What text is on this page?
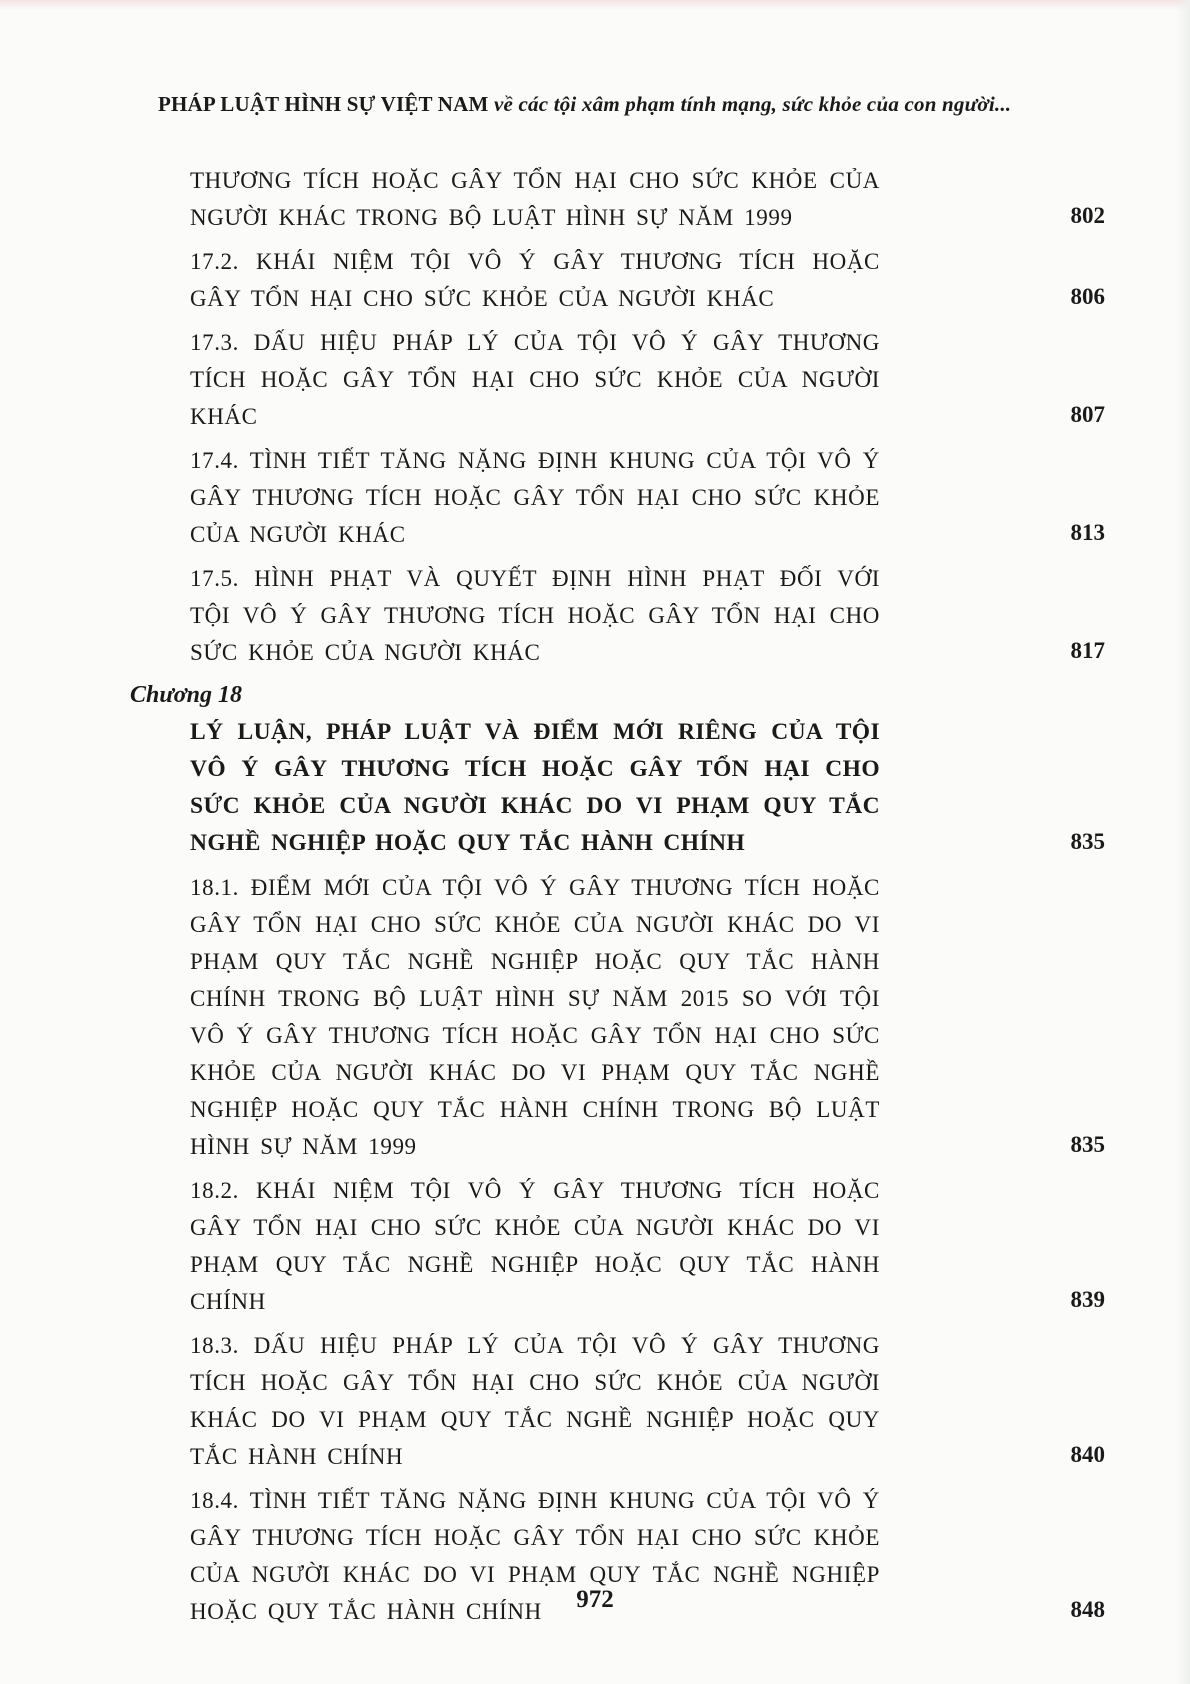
PHÁP LUẬT HÌNH SỰ VIỆT NAM về các tội xâm phạm tính mạng, sức khỏe của con người...
THƯƠNG TÍCH HOẶC GÂY TỔN HẠI CHO SỨC KHỎE CỦA NGƯỜI KHÁC TRONG BỘ LUẬT HÌNH SỰ NĂM 1999	802
17.2. KHÁI NIỆM TỘI VÔ Ý GÂY THƯƠNG TÍCH HOẶC GÂY TỔN HẠI CHO SỨC KHỎE CỦA NGƯỜI KHÁC	806
17.3. DẤU HIỆU PHÁP LÝ CỦA TỘI VÔ Ý GÂY THƯƠNG TÍCH HOẶC GÂY TỔN HẠI CHO SỨC KHỎE CỦA NGƯỜI KHÁC	807
17.4. TÌNH TIẾT TĂNG NẶNG ĐỊNH KHUNG CỦA TỘI VÔ Ý GÂY THƯƠNG TÍCH HOẶC GÂY TỔN HẠI CHO SỨC KHỎE CỦA NGƯỜI KHÁC	813
17.5. HÌNH PHẠT VÀ QUYẾT ĐỊNH HÌNH PHẠT ĐỐI VỚI TỘI VÔ Ý GÂY THƯƠNG TÍCH HOẶC GÂY TỔN HẠI CHO SỨC KHỎE CỦA NGƯỜI KHÁC	817
Chương 18
LÝ LUẬN, PHÁP LUẬT VÀ ĐIỂM MỚI RIÊNG CỦA TỘI VÔ Ý GÂY THƯƠNG TÍCH HOẶC GÂY TỔN HẠI CHO SỨC KHỎE CỦA NGƯỜI KHÁC DO VI PHẠM QUY TẮC NGHỀ NGHIỆP HOẶC QUY TẮC HÀNH CHÍNH	835
18.1. ĐIỂM MỚI CỦA TỘI VÔ Ý GÂY THƯƠNG TÍCH HOẶC GÂY TỔN HẠI CHO SỨC KHỎE CỦA NGƯỜI KHÁC DO VI PHẠM QUY TẮC NGHỀ NGHIỆP HOẶC QUY TẮC HÀNH CHÍNH TRONG BỘ LUẬT HÌNH SỰ NĂM 2015 SO VỚI TỘI VÔ Ý GÂY THƯƠNG TÍCH HOẶC GÂY TỔN HẠI CHO SỨC KHỎE CỦA NGƯỜI KHÁC DO VI PHẠM QUY TẮC NGHỀ NGHIỆP HOẶC QUY TẮC HÀNH CHÍNH TRONG BỘ LUẬT HÌNH SỰ NĂM 1999	835
18.2. KHÁI NIỆM TỘI VÔ Ý GÂY THƯƠNG TÍCH HOẶC GÂY TỔN HẠI CHO SỨC KHỎE CỦA NGƯỜI KHÁC DO VI PHẠM QUY TẮC NGHỀ NGHIỆP HOẶC QUY TẮC HÀNH CHÍNH	839
18.3. DẤU HIỆU PHÁP LÝ CỦA TỘI VÔ Ý GÂY THƯƠNG TÍCH HOẶC GÂY TỔN HẠI CHO SỨC KHỎE CỦA NGƯỜI KHÁC DO VI PHẠM QUY TẮC NGHỀ NGHIỆP HOẶC QUY TẮC HÀNH CHÍNH	840
18.4. TÌNH TIẾT TĂNG NẶNG ĐỊNH KHUNG CỦA TỘI VÔ Ý GÂY THƯƠNG TÍCH HOẶC GÂY TỔN HẠI CHO SỨC KHỎE CỦA NGƯỜI KHÁC DO VI PHẠM QUY TẮC NGHỀ NGHIỆP HOẶC QUY TẮC HÀNH CHÍNH	848
972
